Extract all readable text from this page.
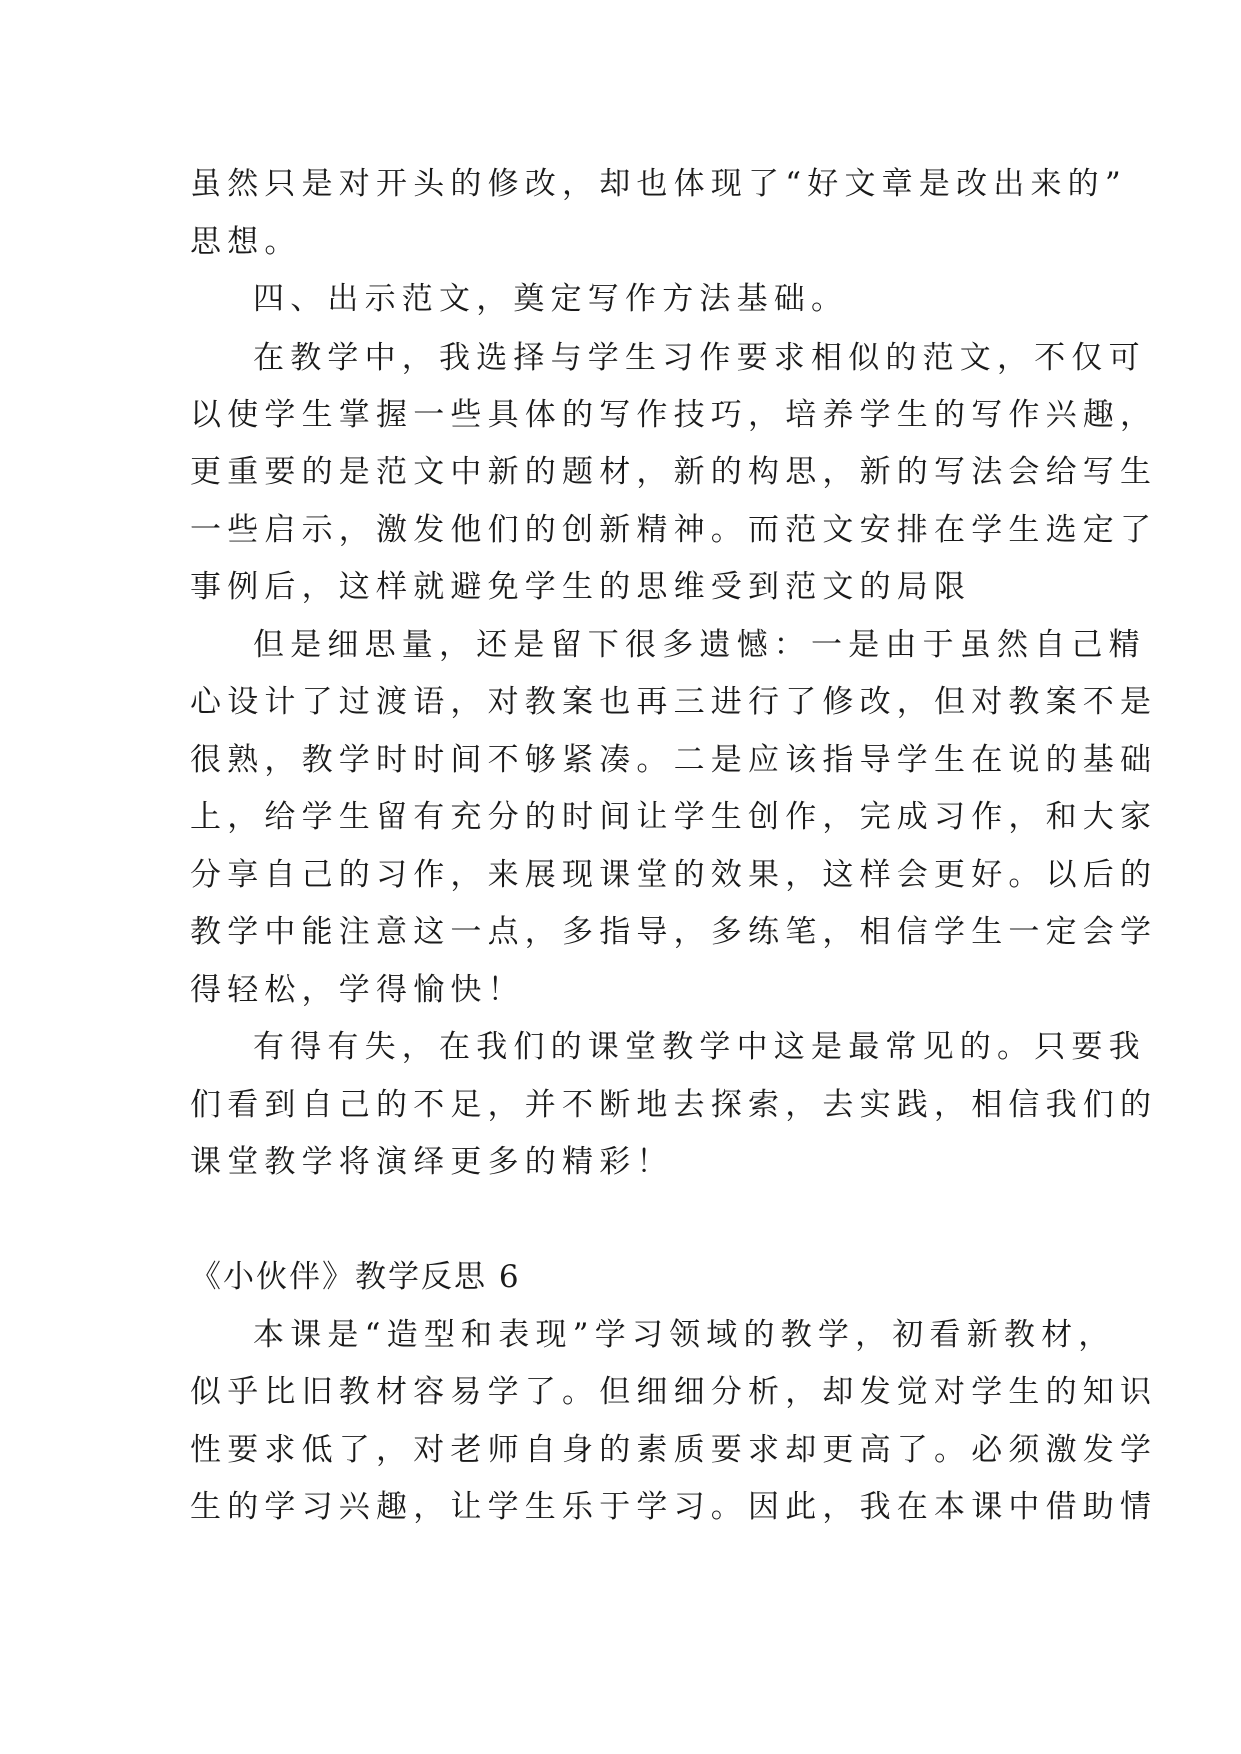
虽然只是对开头的修改，却也体现了“好文章是改出来的”
思想。
四、出示范文，奠定写作方法基础。
在教学中，我选择与学生习作要求相似的范文，不仅可
以使学生掌握一些具体的写作技巧，培养学生的写作兴趣，
更重要的是范文中新的题材，新的构思，新的写法会给写生
一些启示，激发他们的创新精神。而范文安排在学生选定了
事例后，这样就避免学生的思维受到范文的局限
但是细思量，还是留下很多遗憾：一是由于虽然自己精
心设计了过渡语，对教案也再三进行了修改，但对教案不是
很熟，教学时时间不够紧凑。二是应该指导学生在说的基础
上，给学生留有充分的时间让学生创作，完成习作，和大家
分享自己的习作，来展现课堂的效果，这样会更好。以后的
教学中能注意这一点，多指导，多练笔，相信学生一定会学
得轻松，学得愉快！
有得有失，在我们的课堂教学中这是最常见的。只要我
们看到自己的不足，并不断地去探索，去实践，相信我们的
课堂教学将演绎更多的精彩！
《小伙伴》教学反思 6
本课是“造型和表现”学习领域的教学，初看新教材，
似乎比旧教材容易学了。但细细分析，却发觉对学生的知识
性要求低了，对老师自身的素质要求却更高了。必须激发学
生的学习兴趣，让学生乐于学习。因此，我在本课中借助情
